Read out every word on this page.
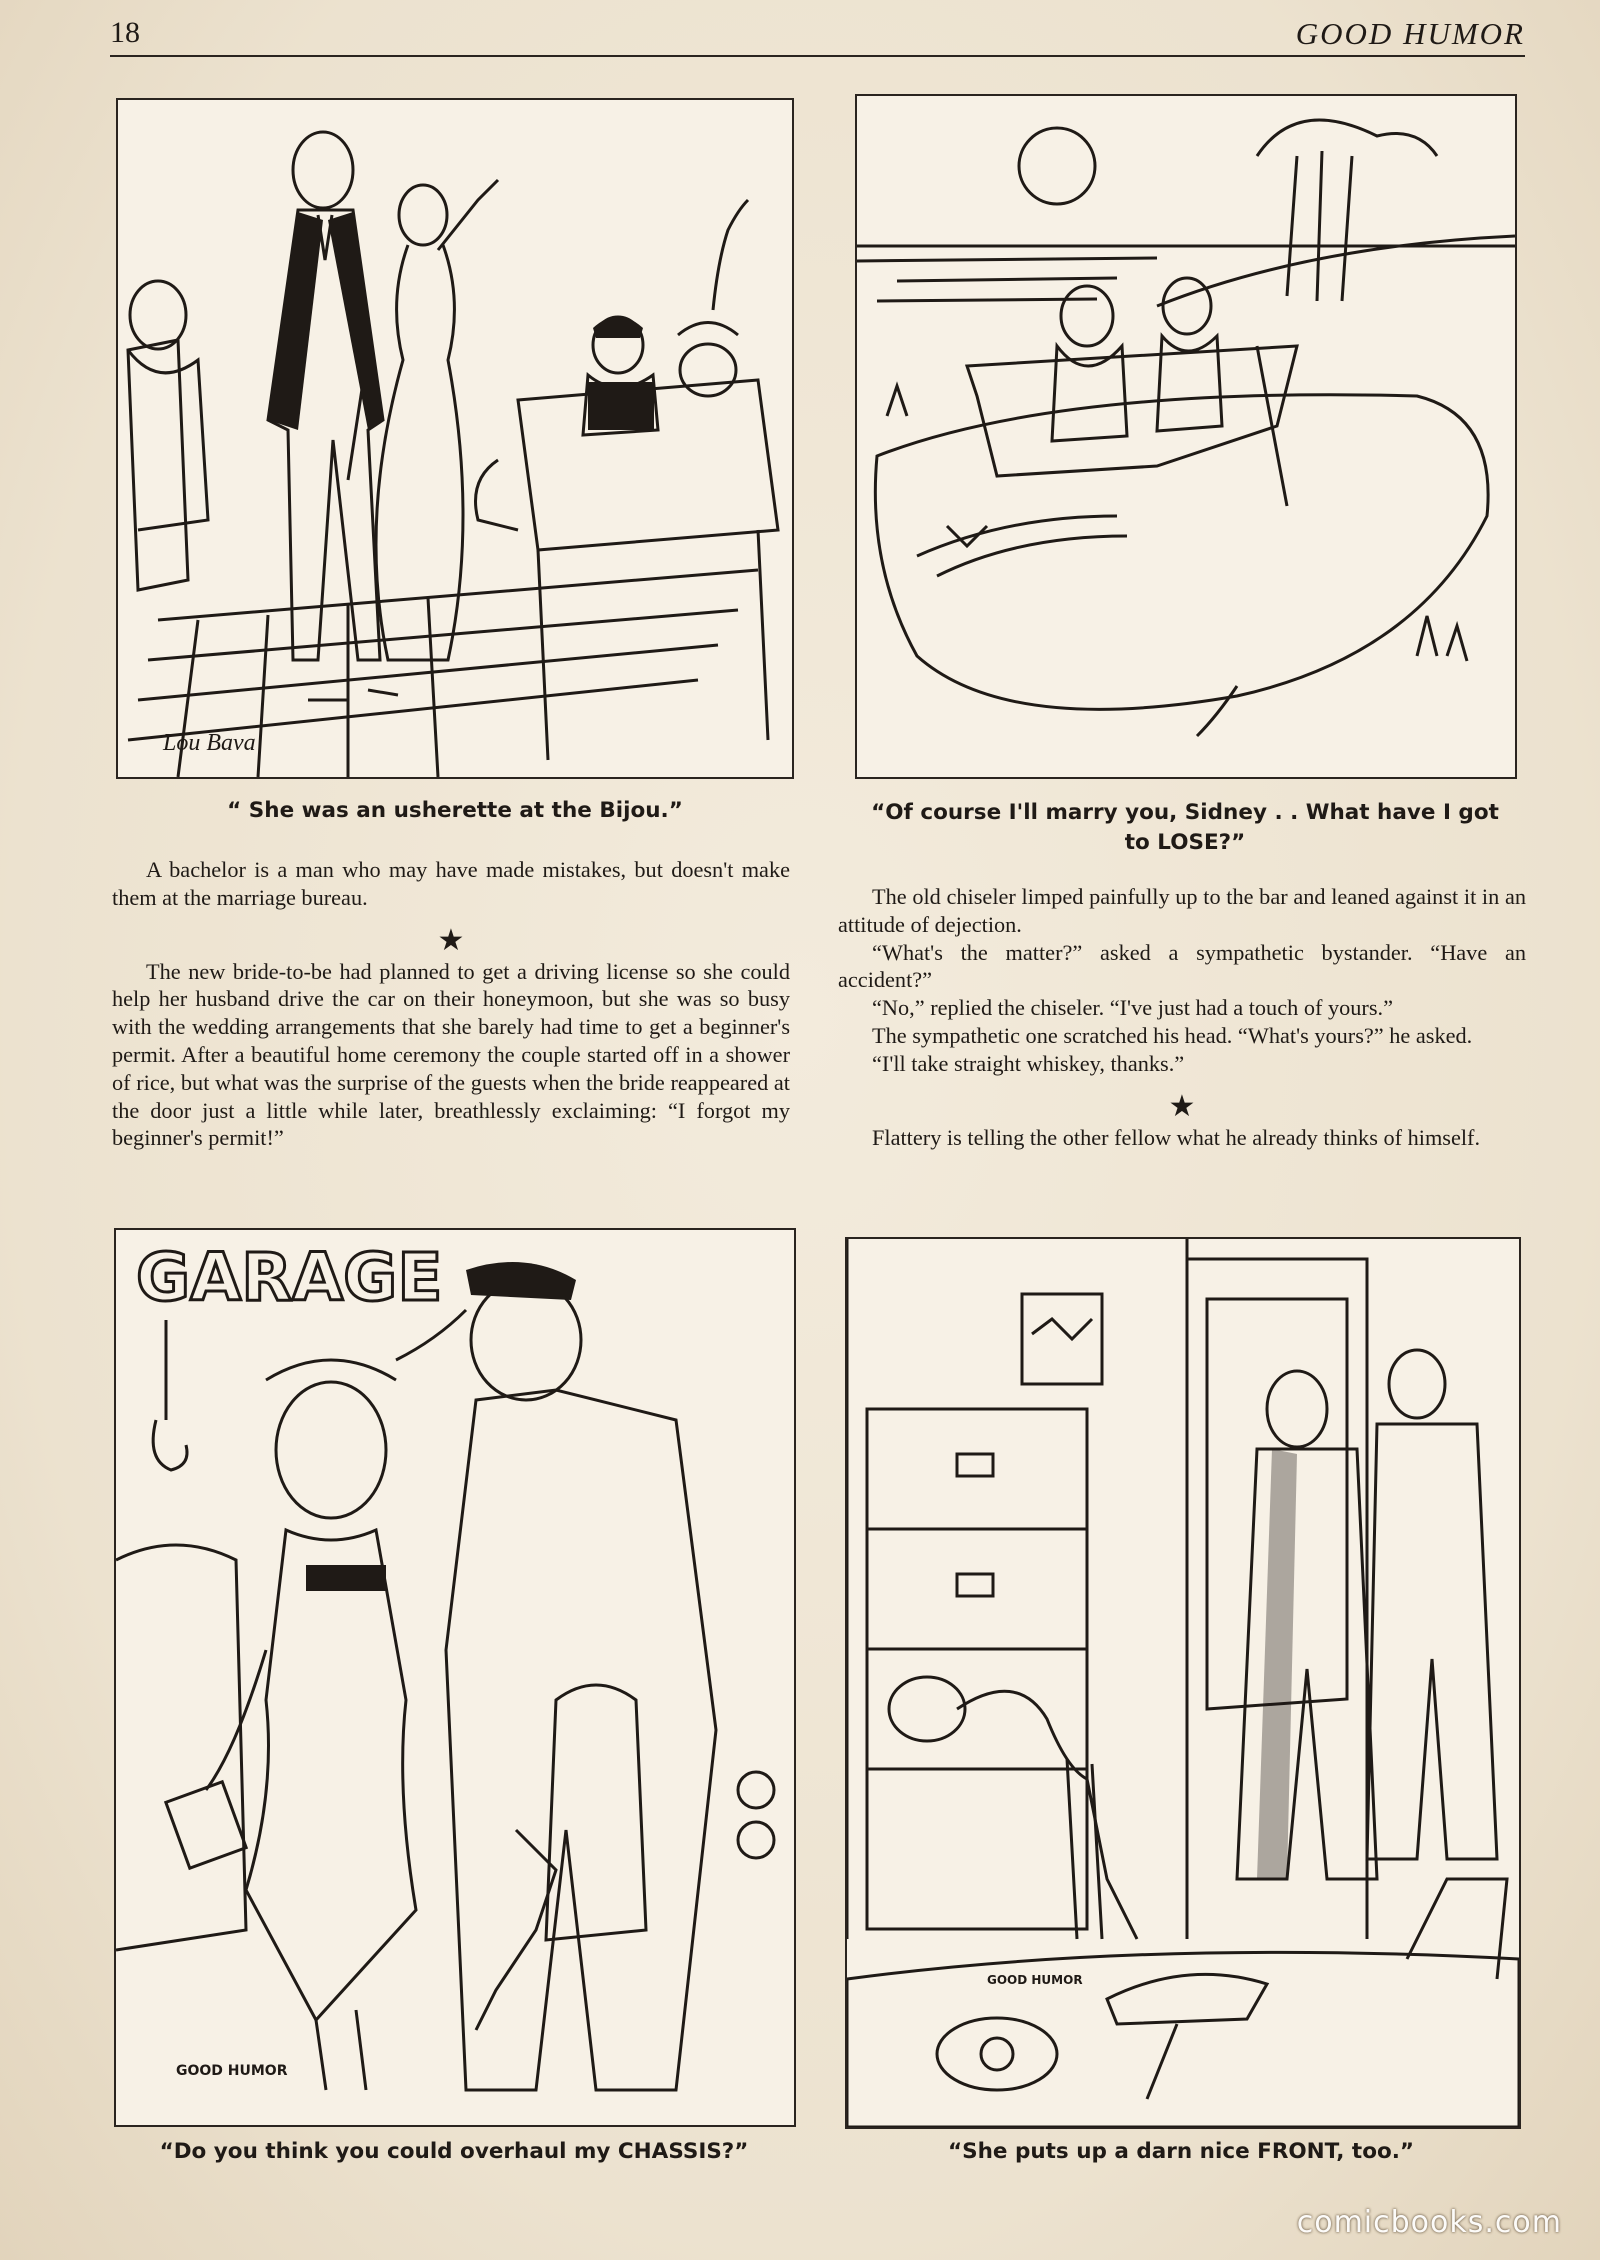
18	GOOD HUMOR
Lou Bava
GARAGE
GOOD HUMOR
GOOD HUMOR
“ She was an usherette at the Bijou.”	“Of course I'll marry you, Sidney . . What have I got to LOSE?”
“Do you think you could overhaul my CHASSIS?”	“She puts up a darn nice FRONT, too.”

A bachelor is a man who may have made mistakes, but doesn't make them at the marriage bureau.

★

The new bride-to-be had planned to get a driving license so she could help her husband drive the car on their honeymoon, but she was so busy with the wedding arrangements that she barely had time to get a beginner's permit. After a beautiful home ceremony the couple started off in a shower of rice, but what was the surprise of the guests when the bride reappeared at the door just a little while later, breathlessly exclaiming: “I forgot my beginner's permit!”

The old chiseler limped painfully up to the bar and leaned against it in an attitude of dejection.

“What's the matter?” asked a sympathetic bystander. “Have an accident?”

“No,” replied the chiseler. “I've just had a touch of yours.”

The sympathetic one scratched his head. “What's yours?” he asked.

“I'll take straight whiskey, thanks.”

★

Flattery is telling the other fellow what he already thinks of himself.

comicbooks.com
